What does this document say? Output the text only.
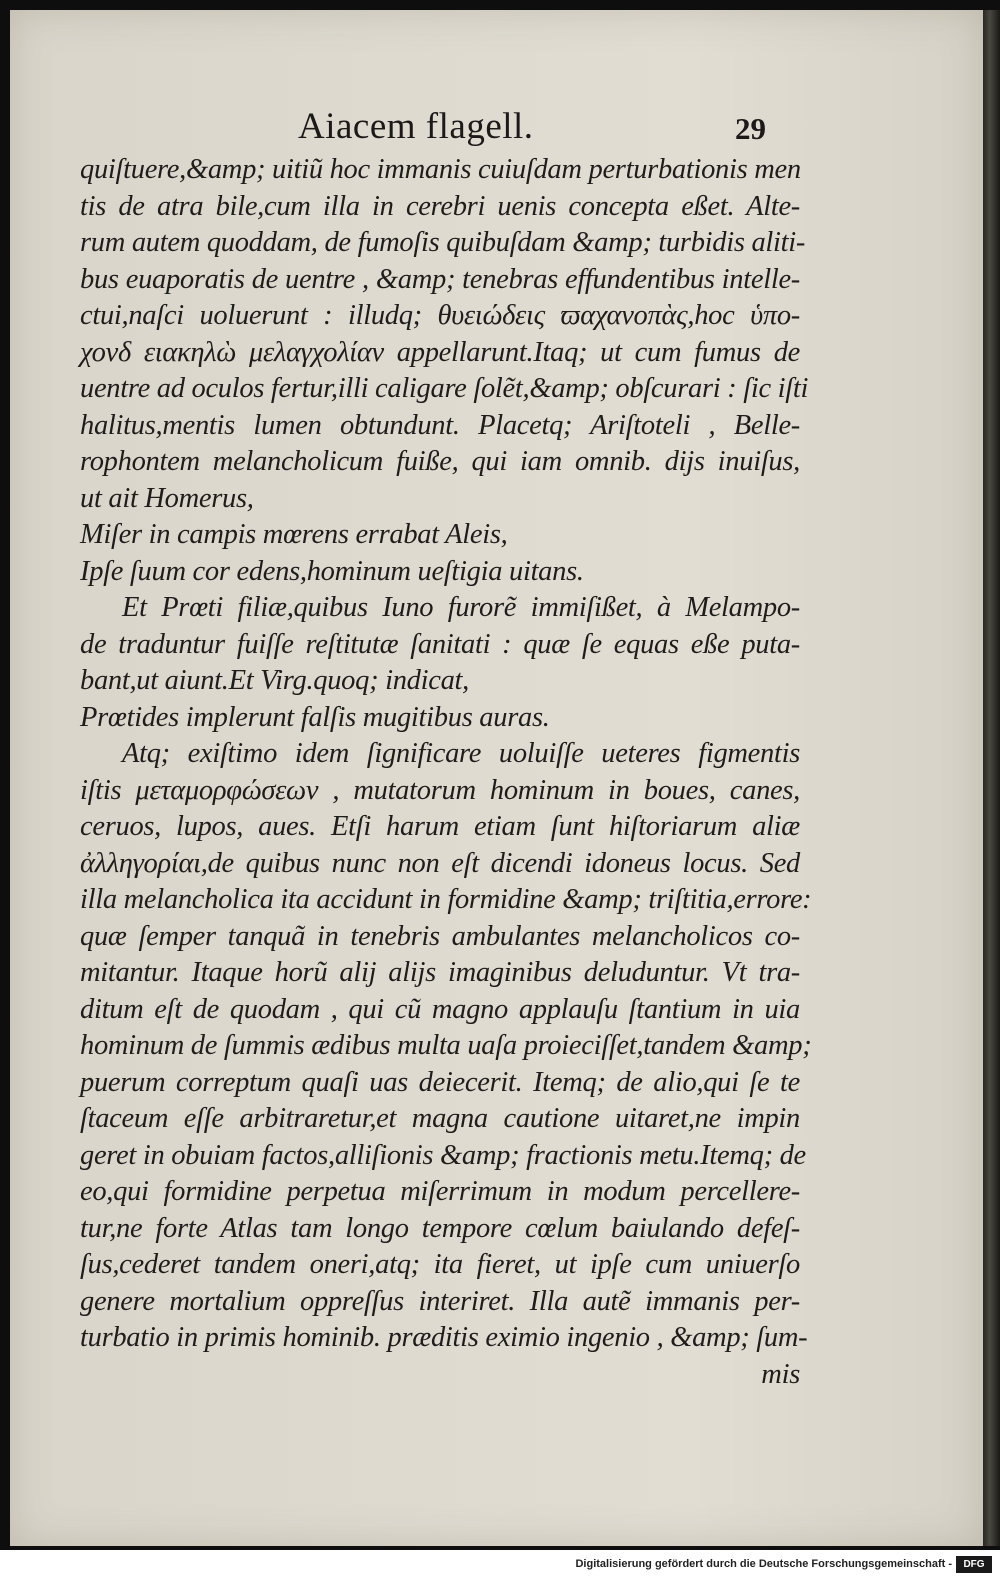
Aiacem flagell.	29
quiſtuere,&amp; uitiũ hoc immanis cuiuſdam perturbationis men
tis de atra bile,cum illa in cerebri uenis concepta eßet. Alte-
rum autem quoddam, de fumoſis quibuſdam &amp; turbidis aliti-
bus euaporatis de uentre , &amp; tenebras effundentibus intelle-
ctui,naſci uoluerunt : illudq; θυειώδεις ϖαχανοπὰς,hoc ὑπο-
χονδ ειακηλὼ μελαγχολίαν appellarunt.Itaq; ut cum fumus de
uentre ad oculos fertur,illi caligare ſolẽt,&amp; obſcurari : ſic iſti
halitus,mentis lumen obtundunt. Placetq; Ariſtoteli , Belle-
rophontem melancholicum fuiße, qui iam omnib. dijs inuiſus,
ut ait Homerus,
Miſer in campis mœrens errabat Aleis,
Ipſe ſuum cor edens,hominum ueſtigia uitans.
Et Prœti filiæ,quibus Iuno furorẽ immiſißet, à Melampo-
de traduntur fuiſſe reſtitutæ ſanitati : quæ ſe equas eße puta-
bant,ut aiunt.Et Virg.quoq; indicat,
Prœtides implerunt falſis mugitibus auras.
Atq; exiſtimo idem ſignificare uoluiſſe ueteres figmentis
iſtis μεταμορφώσεων , mutatorum hominum in boues, canes,
ceruos, lupos, aues. Etſi harum etiam ſunt hiſtoriarum aliæ
ἀλληγορίαι,de quibus nunc non eſt dicendi idoneus locus. Sed
illa melancholica ita accidunt in formidine &amp; triſtitia,errore:
quæ ſemper tanquã in tenebris ambulantes melancholicos co-
mitantur. Itaque horũ alij alijs imaginibus deluduntur. Vt tra-
ditum eſt de quodam , qui cũ magno applauſu ſtantium in uia
hominum de ſummis ædibus multa uaſa proieciſſet,tandem &amp;
puerum correptum quaſi uas deiecerit. Itemq; de alio,qui ſe te
ſtaceum eſſe arbitraretur,et magna cautione uitaret,ne impin
geret in obuiam factos,alliſionis &amp; fractionis metu.Itemq; de
eo,qui formidine perpetua miſerrimum in modum percellere-
tur,ne forte Atlas tam longo tempore cœlum baiulando defeſ-
ſus,cederet tandem oneri,atq; ita fieret, ut ipſe cum uniuerſo
genere mortalium oppreſſus interiret. Illa autẽ immanis per-
turbatio in primis hominib. præditis eximio ingenio , &amp; ſum-
mis
Digitalisierung gefördert durch die Deutsche Forschungsgemeinschaft -	DFG
